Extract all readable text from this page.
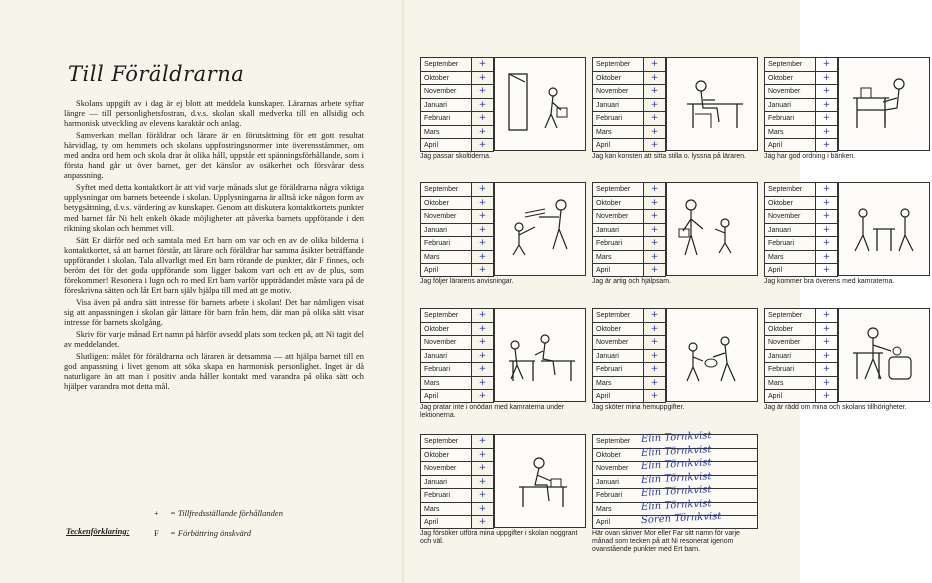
Till Föräldrarna

Skolans uppgift av i dag är ej blott att meddela kunskaper. Lärarnas arbete syftar längre — till personlighetsfostran, d.v.s. skolan skall medverka till en allsidig och harmonisk utveckling av elevens karaktär och anlag.

Samverkan mellan föräldrar och lärare är en förutsättning för ett gott resultat härvidlag, ty om hemmets och skolans uppfostringsnormer inte överensstämmer, om med andra ord hem och skola drar åt olika håll, uppstår ett spänningsförhållande, som i första hand går ut över barnet, ger det känslor av osäkerhet och försvårar dess anpassning.

Syftet med detta kontaktkort är att vid varje månads slut ge föräldrarna några viktiga upplysningar om barnets beteende i skolan. Upplysningarna är alltså icke någon form av betygsättning, d.v.s. värdering av kunskaper. Genom att diskutera kontaktkortets punkter med barnet får Ni helt enkelt ökade möjligheter att påverka barnets uppförande i den riktning skolan och hemmet vill.

Sätt Er därför ned och samtala med Ert barn om var och en av de olika bilderna i kontaktkortet, så att barnet förstår, att lärare och föräldrar har samma åsikter beträffande uppförandet i skolan. Tala allvarligt med Ert barn rörande de punkter, där F finnes, och beröm det för det goda uppförande som ligger bakom vart och ett av de plus, som förekommer! Resonera i lugn och ro med Ert barn varför uppträdandet måste vara på de föreskrivna sätten och låt Ert barn själv hjälpa till med att ge motiv.

Visa även på andra sätt intresse för barnets arbete i skolan! Det har nämligen visat sig att anpassningen i skolan går lättare för barn från hem, där man på olika sätt visar intresse för barnets skolgång.

Skriv för varje månad Ert namn på härför avsedd plats som tecken på, att Ni tagit del av meddelandet.

Slutligen: målet för föräldrarna och läraren är detsamma — att hjälpa barnet till en god anpassning i livet genom att söka skapa en harmonisk personlighet. Inget är då naturligare än att man i positiv anda håller kontakt med varandra på olika sätt och hjälper varandra mot detta mål.

Teckenförklaring:
+ = Tillfredsställande förhållanden
F = Förbättring önskvärd
September
Oktober
November
Januari
Februari
Mars
April
+
+
+
+
+
+
+
Jag passar skoltiderna.
September
Oktober
November
Januari
Februari
Mars
April
+
+
+
+
+
+
+
Jag kan konsten att sitta stilla o. lyssna på läraren.
September
Oktober
November
Januari
Februari
Mars
April
+
+
+
+
+
+
+
Jag har god ordning i bänken.
September
Oktober
November
Januari
Februari
Mars
April
+
+
+
+
+
+
+
Jag följer lärarens anvisningar.
September
Oktober
November
Januari
Februari
Mars
April
+
+
+
+
+
+
+
Jag är artig och hjälpsam.
September
Oktober
November
Januari
Februari
Mars
April
+
+
+
+
+
+
+
Jag kommer bra överens med kamraterna.
September
Oktober
November
Januari
Februari
Mars
April
+
+
+
+
+
+
+
Jag pratar inte i onödan med kamraterna under lektionerna.
September
Oktober
November
Januari
Februari
Mars
April
+
+
+
+
+
+
+
Jag sköter mina hemuppgifter.
September
Oktober
November
Januari
Februari
Mars
April
+
+
+
+
+
+
+
Jag är rädd om mina och skolans tillhörigheter.
September
Oktober
November
Januari
Februari
Mars
April
+
+
+
+
+
+
+
Jag försöker utföra mina uppgifter i skolan noggrant och väl.
September Elin Tornkvist
Oktober Elin Törnkvist
November Elin Törnkvist
Januari Elin Törnkvist
Februari Elin Törnkvist
Mars	Elin Törnkvist
April	Sören Törnkvist
Här ovan skriver Mor eller Far sitt namn för varje månad som tecken på att Ni resonerat igenom ovanstående punkter med Ert barn.
